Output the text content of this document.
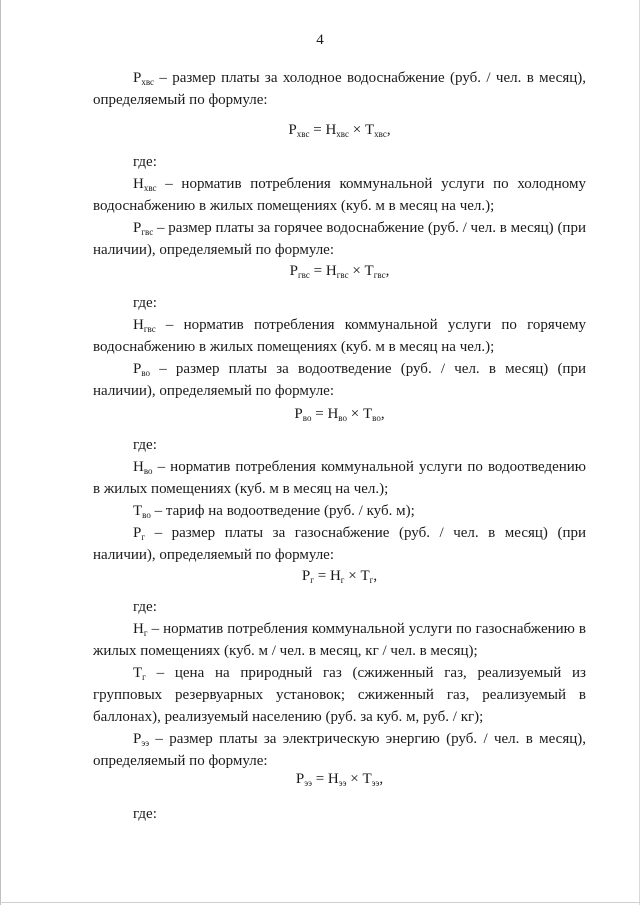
4

$Р_{хвс}$ – размер платы за холодное водоснабжение (руб. / чел. в месяц), определяемый по формуле:

$Р_{хвс} = Н_{хвс} \times Т_{хвс}$,

где:

$Н_{хвс}$ – норматив потребления коммунальной услуги по холодному водоснабжению в жилых помещениях (куб. м в месяц на чел.);

$Р_{гвс}$ – размер платы за горячее водоснабжение (руб. / чел. в месяц) (при наличии), определяемый по формуле:

$Р_{гвс} = Н_{гвс} \times Т_{гвс}$,

где:

$Н_{гвс}$ – норматив потребления коммунальной услуги по горячему водоснабжению в жилых помещениях (куб. м в месяц на чел.);

$Р_{во}$ – размер платы за водоотведение (руб. / чел. в месяц) (при наличии), определяемый по формуле:

$Р_{во} = Н_{во} \times Т_{во}$,

где:

$Н_{во}$ – норматив потребления коммунальной услуги по водоотведению в жилых помещениях (куб. м в месяц на чел.);

$Т_{во}$ – тариф на водоотведение (руб. / куб. м);

$Р_г$ – размер платы за газоснабжение (руб. / чел. в месяц) (при наличии), определяемый по формуле:

$Р_г = Н_г \times Т_г$,

где:

$Н_г$ – норматив потребления коммунальной услуги по газоснабжению в жилых помещениях (куб. м / чел. в месяц, кг / чел. в месяц);

$Т_г$ – цена на природный газ (сжиженный газ, реализуемый из групповых резервуарных установок; сжиженный газ, реализуемый в баллонах), реализуемый населению (руб. за куб. м, руб. / кг);

$Р_{ээ}$ – размер платы за электрическую энергию (руб. / чел. в месяц), определяемый по формуле:

$Р_{ээ} = Н_{ээ} \times Т_{ээ}$,

где:
